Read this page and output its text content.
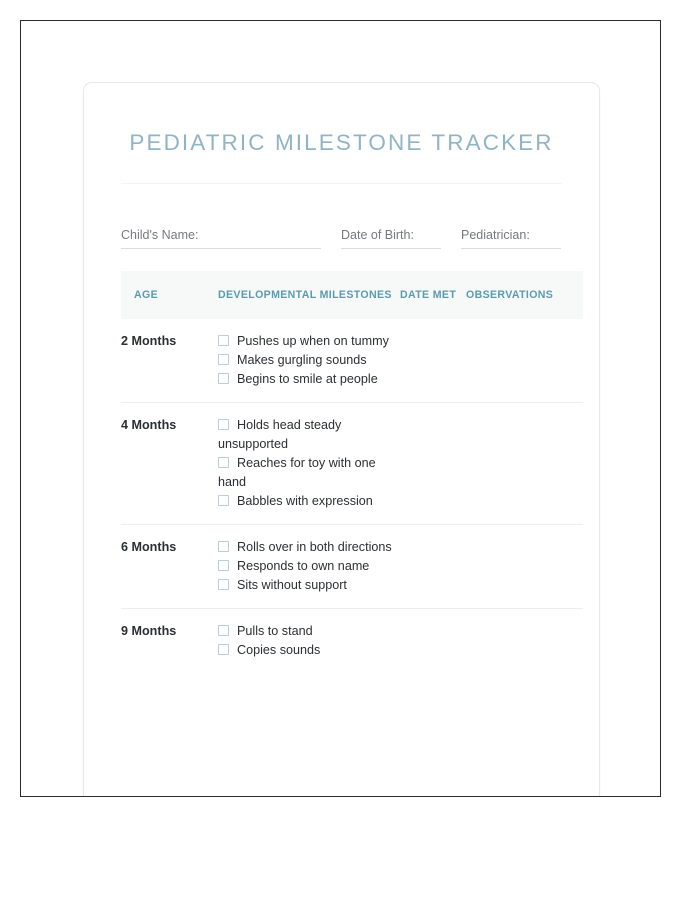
PEDIATRIC MILESTONE TRACKER
Child's Name:	Date of Birth:	Pediatrician:
AGE	DEVELOPMENTAL MILESTONES	DATE MET	OBSERVATIONS
2 Months	Pushes up when on tummy
Makes gurgling sounds
Begins to smile at people		

4 Months	Holds head steady unsupported
Reaches for toy with one hand
Babbles with expression		

6 Months	Rolls over in both directions
Responds to own name
Sits without support		

9 Months	Pulls to stand
Copies sounds		
